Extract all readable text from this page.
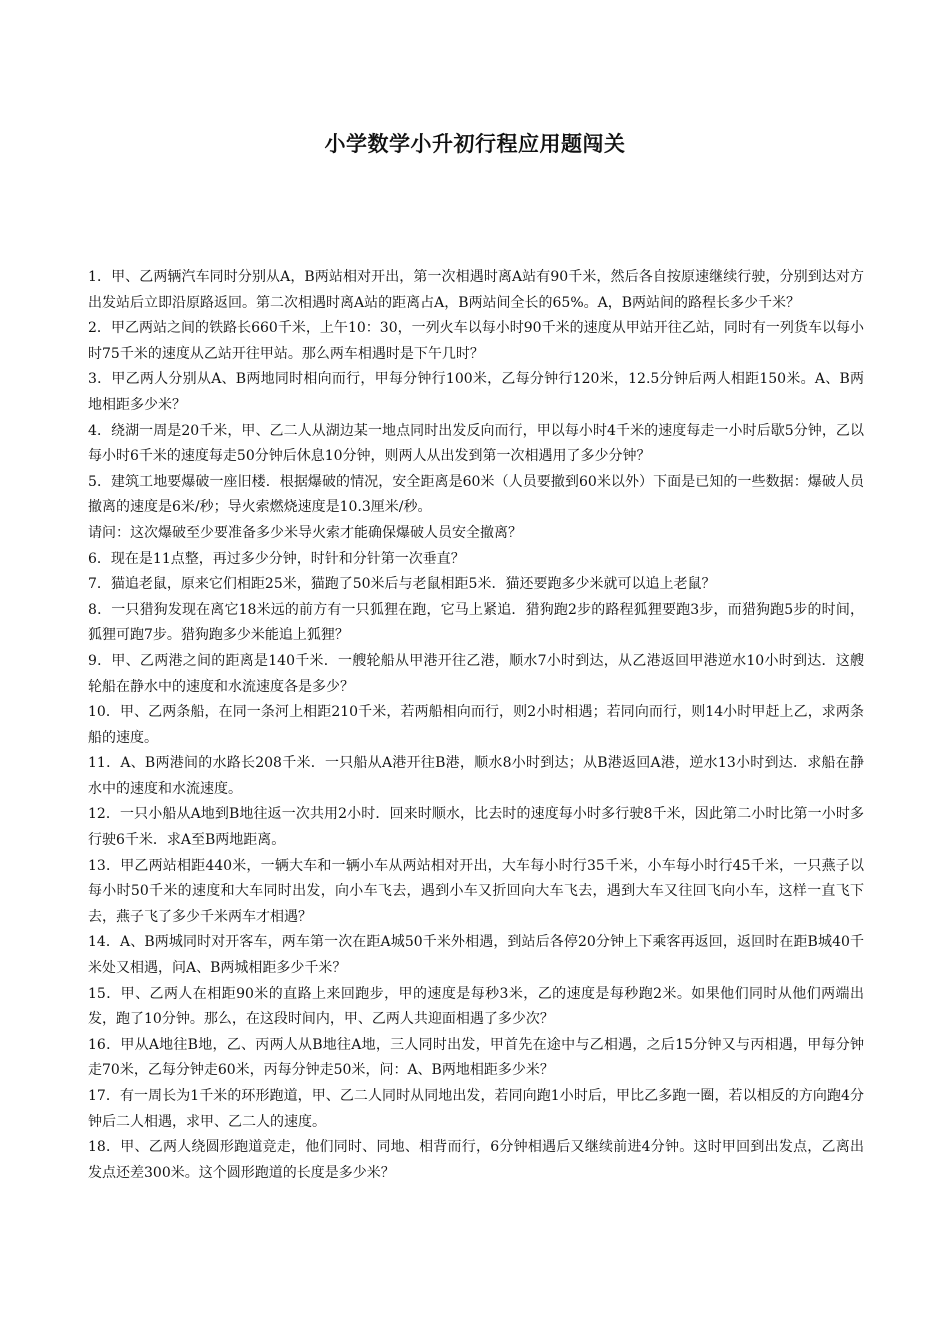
小学数学小升初行程应用题闯关

1．甲、乙两辆汽车同时分别从A，B两站相对开出，第一次相遇时离A站有90千米，然后各自按原速继续行驶，分别到达对方出发站后立即沿原路返回。第二次相遇时离A站的距离占A，B两站间全长的65%。A，B两站间的路程长多少千米？

2．甲乙两站之间的铁路长660千米，上午10：30，一列火车以每小时90千米的速度从甲站开往乙站，同时有一列货车以每小时75千米的速度从乙站开往甲站。那么两车相遇时是下午几时？

3．甲乙两人分别从A、B两地同时相向而行，甲每分钟行100米，乙每分钟行120米，12.5分钟后两人相距150米。A、B两地相距多少米？

4．绕湖一周是20千米，甲、乙二人从湖边某一地点同时出发反向而行，甲以每小时4千米的速度每走一小时后歇5分钟，乙以每小时6千米的速度每走50分钟后休息10分钟，则两人从出发到第一次相遇用了多少分钟？

5．建筑工地要爆破一座旧楼．根据爆破的情况，安全距离是60米（人员要撤到60米以外）下面是已知的一些数据：爆破人员撤离的速度是6米/秒；导火索燃烧速度是10.3厘米/秒。

请问：这次爆破至少要准备多少米导火索才能确保爆破人员安全撤离？

6．现在是11点整，再过多少分钟，时针和分针第一次垂直？

7．猫追老鼠，原来它们相距25米，猫跑了50米后与老鼠相距5米．猫还要跑多少米就可以追上老鼠？

8．一只猎狗发现在离它18米远的前方有一只狐狸在跑，它马上紧追．猎狗跑2步的路程狐狸要跑3步，而猎狗跑5步的时间，狐狸可跑7步。猎狗跑多少米能追上狐狸？

9．甲、乙两港之间的距离是140千米．一艘轮船从甲港开往乙港，顺水7小时到达，从乙港返回甲港逆水10小时到达．这艘轮船在静水中的速度和水流速度各是多少？

10．甲、乙两条船，在同一条河上相距210千米，若两船相向而行，则2小时相遇；若同向而行，则14小时甲赶上乙，求两条船的速度。

11．A、B两港间的水路长208千米．一只船从A港开往B港，顺水8小时到达；从B港返回A港，逆水13小时到达．求船在静水中的速度和水流速度。

12．一只小船从A地到B地往返一次共用2小时．回来时顺水，比去时的速度每小时多行驶8千米，因此第二小时比第一小时多行驶6千米．求A至B两地距离。

13．甲乙两站相距440米，一辆大车和一辆小车从两站相对开出，大车每小时行35千米，小车每小时行45千米，一只燕子以每小时50千米的速度和大车同时出发，向小车飞去，遇到小车又折回向大车飞去，遇到大车又往回飞向小车，这样一直飞下去，燕子飞了多少千米两车才相遇？

14．A、B两城同时对开客车，两车第一次在距A城50千米外相遇，到站后各停20分钟上下乘客再返回，返回时在距B城40千米处又相遇，问A、B两城相距多少千米？

15．甲、乙两人在相距90米的直路上来回跑步，甲的速度是每秒3米，乙的速度是每秒跑2米。如果他们同时从他们两端出发，跑了10分钟。那么，在这段时间内，甲、乙两人共迎面相遇了多少次？

16．甲从A地往B地，乙、丙两人从B地往A地，三人同时出发，甲首先在途中与乙相遇，之后15分钟又与丙相遇，甲每分钟走70米，乙每分钟走60米，丙每分钟走50米，问：A、B两地相距多少米？

17．有一周长为1千米的环形跑道，甲、乙二人同时从同地出发，若同向跑1小时后，甲比乙多跑一圈，若以相反的方向跑4分钟后二人相遇，求甲、乙二人的速度。

18．甲、乙两人绕圆形跑道竞走，他们同时、同地、相背而行，6分钟相遇后又继续前进4分钟。这时甲回到出发点，乙离出发点还差300米。这个圆形跑道的长度是多少米？
